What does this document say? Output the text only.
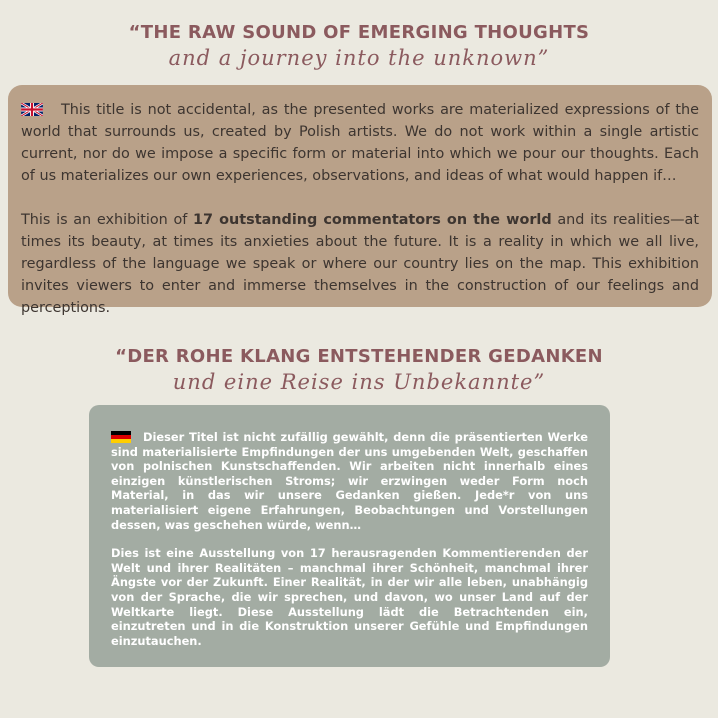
“THE RAW SOUND OF EMERGING THOUGHTS
and a journey into the unknown”

This title is not accidental, as the presented works are materialized expressions of the world that surrounds us, created by Polish artists. We do not work within a single artistic current, nor do we impose a specific form or material into which we pour our thoughts. Each of us materializes our own experiences, observations, and ideas of what would happen if…

This is an exhibition of 17 outstanding commentators on the world and its realities—at times its beauty, at times its anxieties about the future. It is a reality in which we all live, regardless of the language we speak or where our country lies on the map. This exhibition invites viewers to enter and immerse themselves in the construction of our feelings and perceptions.

“DER ROHE KLANG ENTSTEHENDER GEDANKEN
und eine Reise ins Unbekannte”

Dieser Titel ist nicht zufällig gewählt, denn die präsentierten Werke sind materialisierte Empfindungen der uns umgebenden Welt, geschaffen von polnischen Kunstschaffenden. Wir arbeiten nicht innerhalb eines einzigen künstlerischen Stroms; wir erzwingen weder Form noch Material, in das wir unsere Gedanken gießen. Jede*r von uns materialisiert eigene Erfahrungen, Beobachtungen und Vorstellungen dessen, was geschehen würde, wenn…

Dies ist eine Ausstellung von 17 herausragenden Kommentierenden der Welt und ihrer Realitäten – manchmal ihrer Schönheit, manchmal ihrer Ängste vor der Zukunft. Einer Realität, in der wir alle leben, unabhängig von der Sprache, die wir sprechen, und davon, wo unser Land auf der Weltkarte liegt. Diese Ausstellung lädt die Betrachtenden ein, einzutreten und in die Konstruktion unserer Gefühle und Empfindungen einzutauchen.
